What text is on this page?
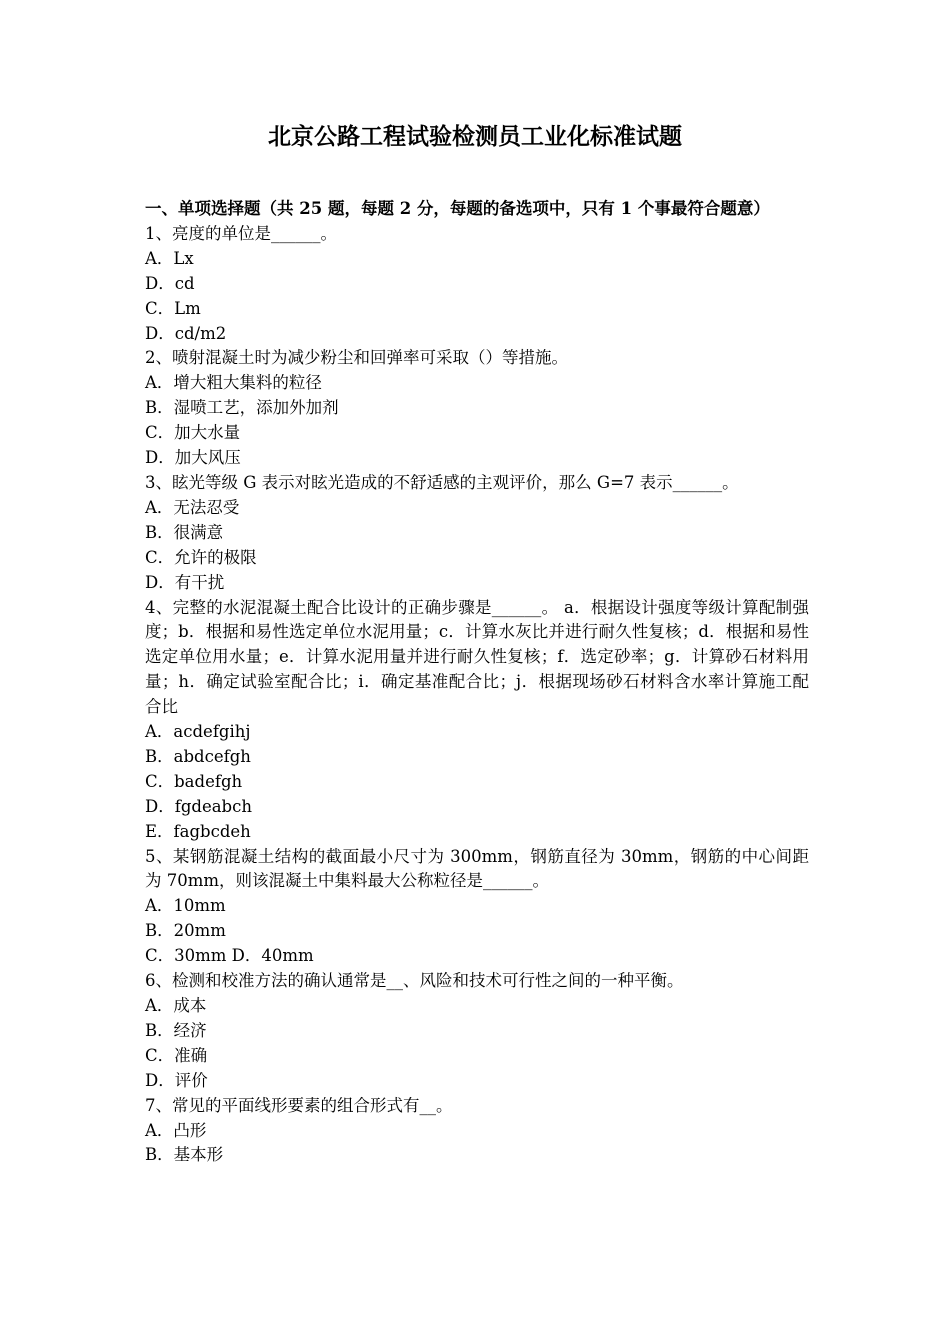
北京公路工程试验检测员工业化标准试题

一、单项选择题（共 25 题，每题 2 分，每题的备选项中，只有 1 个事最符合题意）

1、亮度的单位是______。

A．Lx

D．cd

C．Lm

D．cd/m2

2、喷射混凝土时为减少粉尘和回弹率可采取（）等措施。

A．增大粗大集料的粒径

B．湿喷工艺，添加外加剂

C．加大水量

D．加大风压

3、眩光等级 G 表示对眩光造成的不舒适感的主观评价，那么 G=7 表示______。

A．无法忍受

B．很满意

C．允许的极限

D．有干扰

4、完整的水泥混凝土配合比设计的正确步骤是______。 a．根据设计强度等级计算配制强度；b．根据和易性选定单位水泥用量；c．计算水灰比并进行耐久性复核；d．根据和易性选定单位用水量；e．计算水泥用量并进行耐久性复核；f．选定砂率；g．计算砂石材料用量；h．确定试验室配合比；i．确定基准配合比；j．根据现场砂石材料含水率计算施工配合比

A．acdefgihj

B．abdcefgh

C．badefgh

D．fgdeabch

E．fagbcdeh

5、某钢筋混凝土结构的截面最小尺寸为 300mm，钢筋直径为 30mm，钢筋的中心间距为 70mm，则该混凝土中集料最大公称粒径是______。

A．10mm

B．20mm

C．30mm D．40mm

6、检测和校准方法的确认通常是__、风险和技术可行性之间的一种平衡。

A．成本

B．经济

C．准确

D．评价

7、常见的平面线形要素的组合形式有__。

A．凸形

B．基本形
